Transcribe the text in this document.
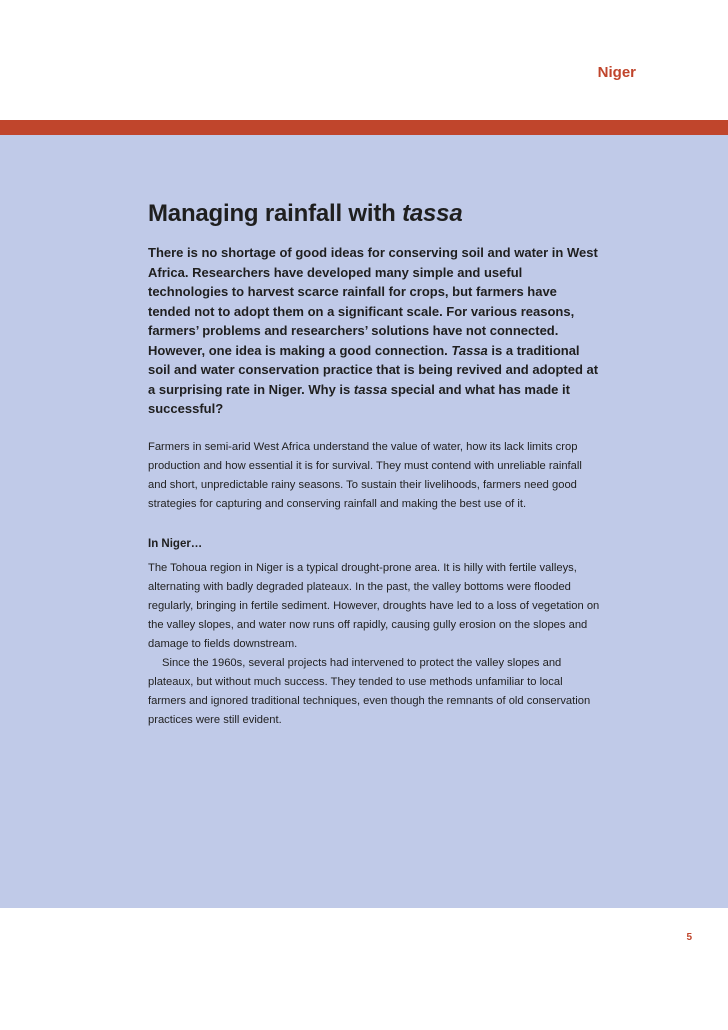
Niger
Managing rainfall with tassa

There is no shortage of good ideas for conserving soil and water in West Africa. Researchers have developed many simple and useful technologies to harvest scarce rainfall for crops, but farmers have tended not to adopt them on a significant scale. For various reasons, farmers’ problems and researchers’ solutions have not connected. However, one idea is making a good connection. Tassa is a traditional soil and water conservation practice that is being revived and adopted at a surprising rate in Niger. Why is tassa special and what has made it successful?

Farmers in semi-arid West Africa understand the value of water, how its lack limits crop production and how essential it is for survival. They must contend with unreliable rainfall and short, unpredictable rainy seasons. To sustain their livelihoods, farmers need good strategies for capturing and conserving rainfall and making the best use of it.

In Niger…

The Tohoua region in Niger is a typical drought-prone area. It is hilly with fertile valleys, alternating with badly degraded plateaux. In the past, the valley bottoms were flooded regularly, bringing in fertile sediment. However, droughts have led to a loss of vegetation on the valley slopes, and water now runs off rapidly, causing gully erosion on the slopes and damage to fields downstream.

Since the 1960s, several projects had intervened to protect the valley slopes and plateaux, but without much success. They tended to use methods unfamiliar to local farmers and ignored traditional techniques, even though the remnants of old conservation practices were still evident.

5
